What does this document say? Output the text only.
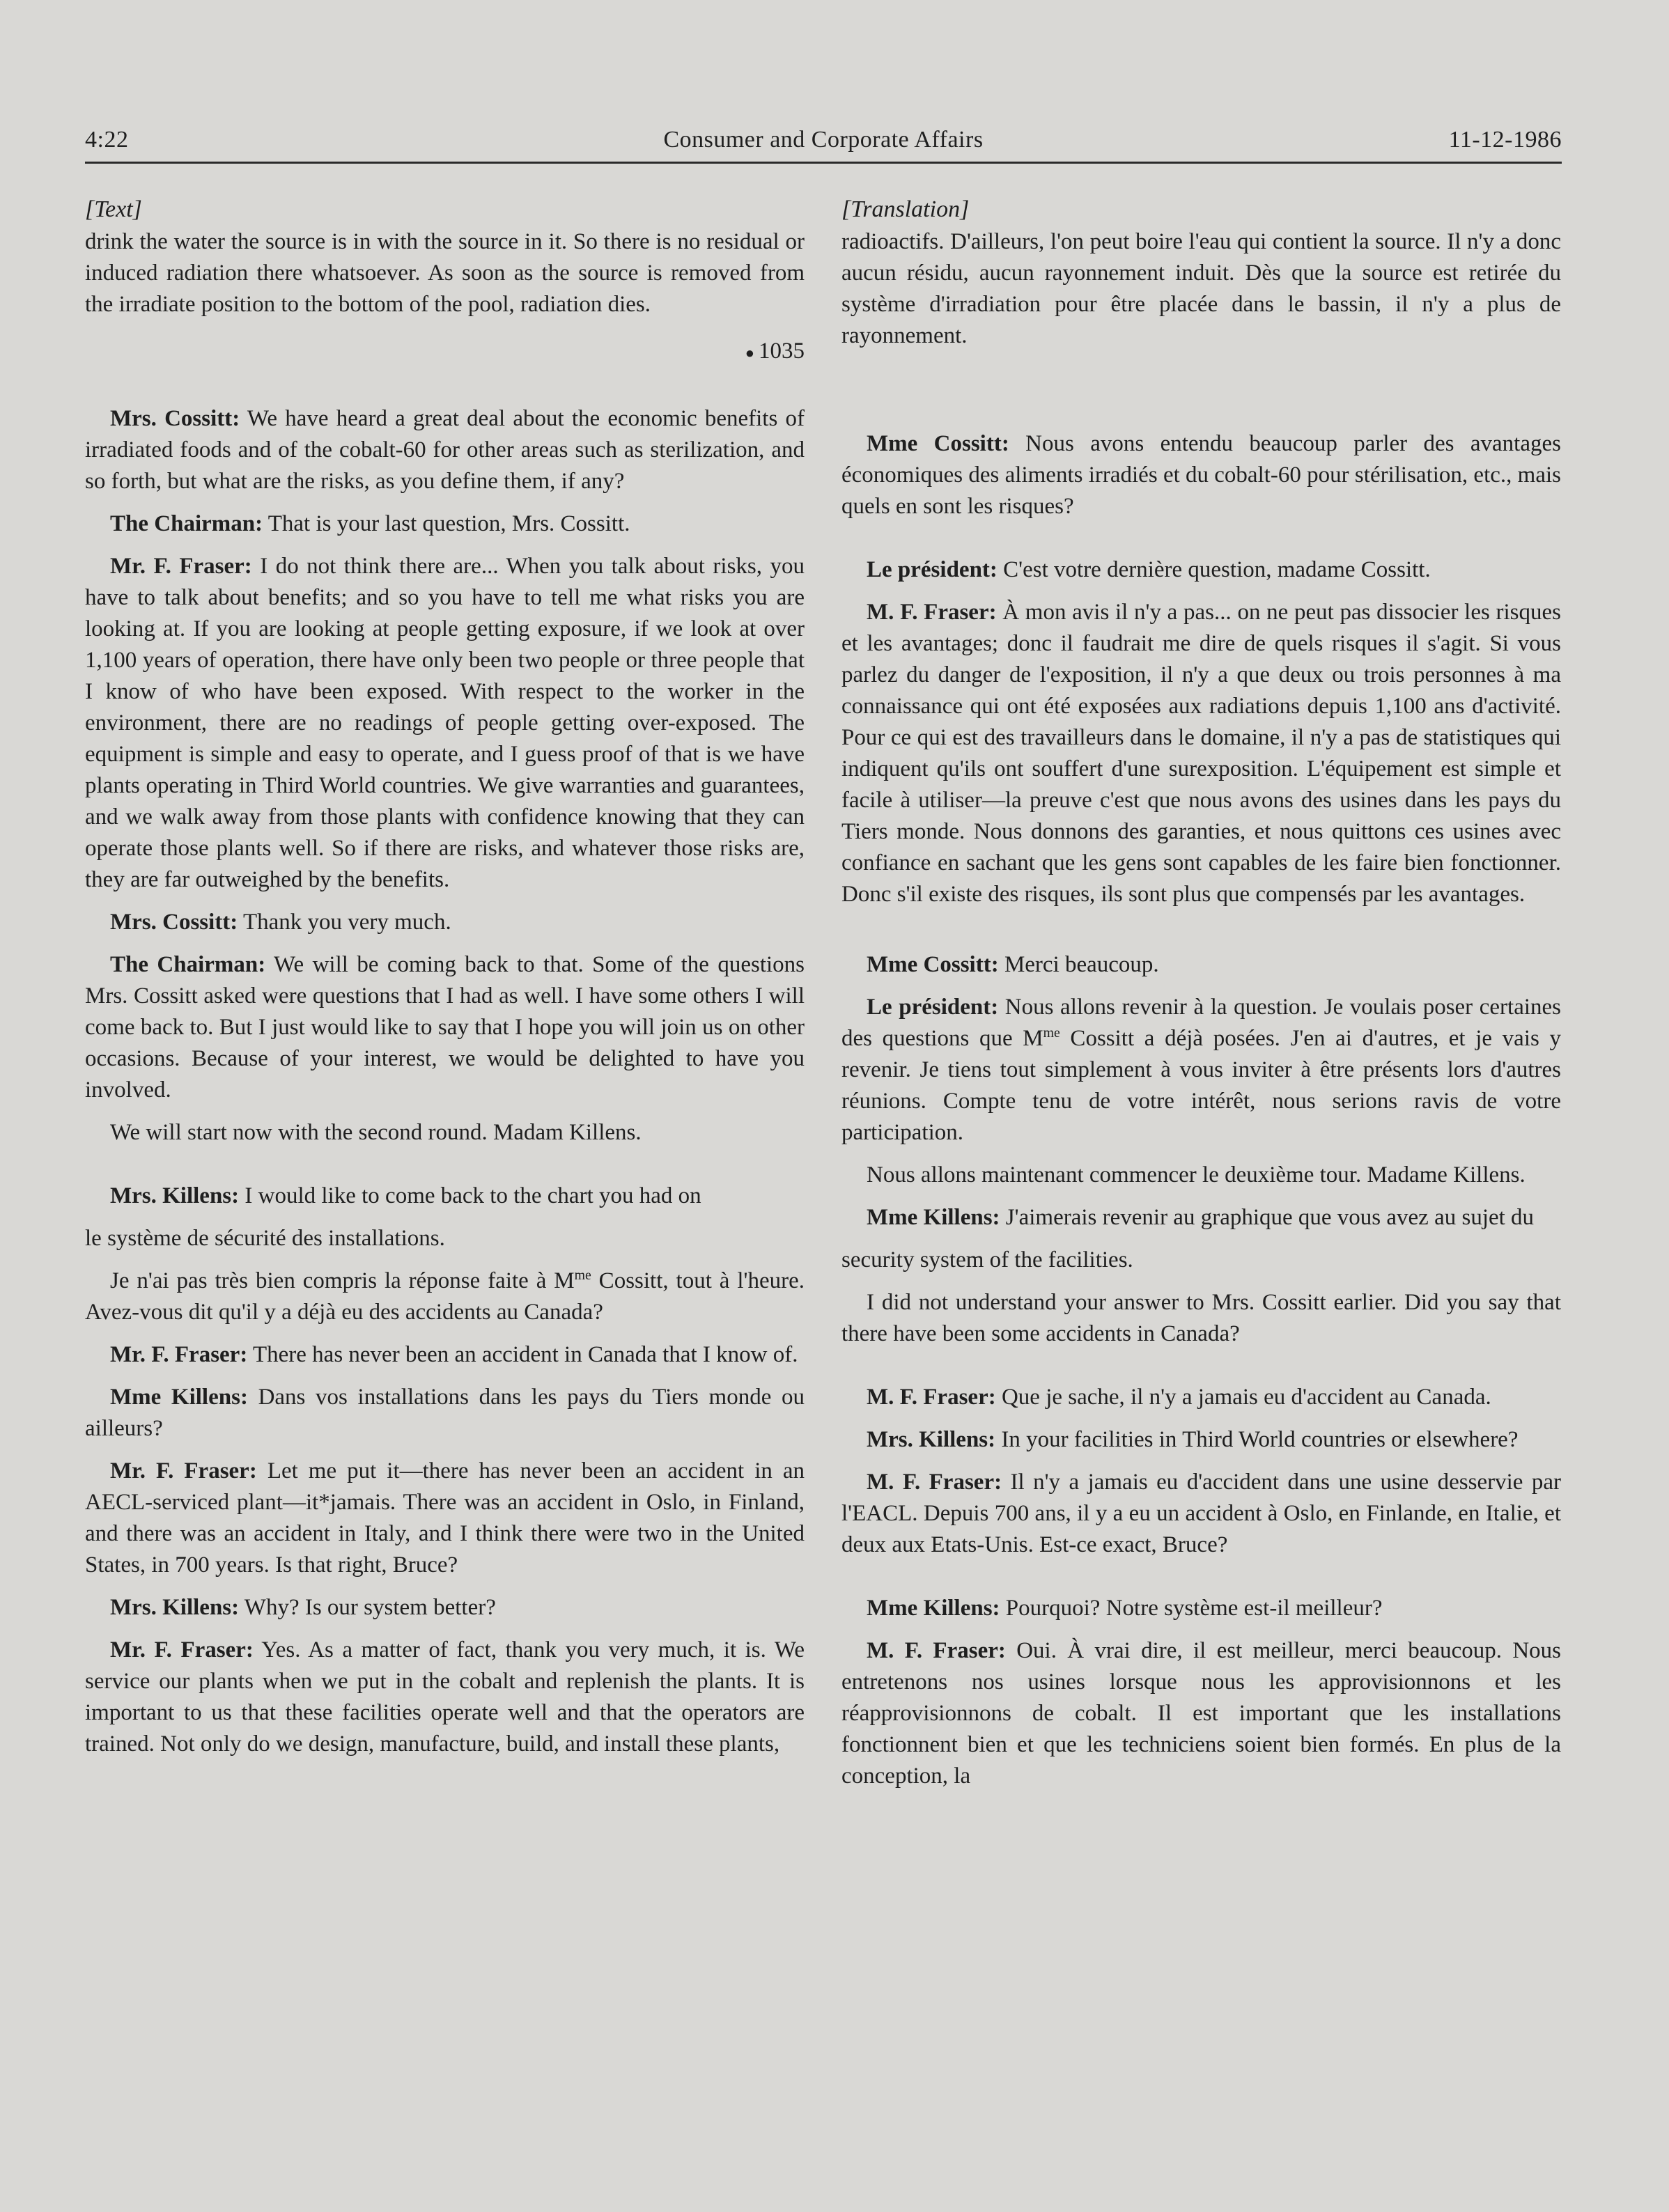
4:22	Consumer and Corporate Affairs	11-12-1986
[Text]

drink the water the source is in with the source in it. So there is no residual or induced radiation there whatsoever. As soon as the source is removed from the irradiate position to the bottom of the pool, radiation dies.

● 1035

Mrs. Cossitt: We have heard a great deal about the economic benefits of irradiated foods and of the cobalt-60 for other areas such as sterilization, and so forth, but what are the risks, as you define them, if any?

The Chairman: That is your last question, Mrs. Cossitt.

Mr. F. Fraser: I do not think there are... When you talk about risks, you have to talk about benefits; and so you have to tell me what risks you are looking at. If you are looking at people getting exposure, if we look at over 1,100 years of operation, there have only been two people or three people that I know of who have been exposed. With respect to the worker in the environment, there are no readings of people getting over-exposed. The equipment is simple and easy to operate, and I guess proof of that is we have plants operating in Third World countries. We give warranties and guarantees, and we walk away from those plants with confidence knowing that they can operate those plants well. So if there are risks, and whatever those risks are, they are far outweighed by the benefits.

Mrs. Cossitt: Thank you very much.

The Chairman: We will be coming back to that. Some of the questions Mrs. Cossitt asked were questions that I had as well. I have some others I will come back to. But I just would like to say that I hope you will join us on other occasions. Because of your interest, we would be delighted to have you involved.

We will start now with the second round. Madam Killens.

Mrs. Killens: I would like to come back to the chart you had on

le système de sécurité des installations.

Je n'ai pas très bien compris la réponse faite à $M^{me}$ Cossitt, tout à l'heure. Avez-vous dit qu'il y a déjà eu des accidents au Canada?

Mr. F. Fraser: There has never been an accident in Canada that I know of.

Mme Killens: Dans vos installations dans les pays du Tiers monde ou ailleurs?

Mr. F. Fraser: Let me put it—there has never been an accident in an AECL-serviced plant—it*jamais. There was an accident in Oslo, in Finland, and there was an accident in Italy, and I think there were two in the United States, in 700 years. Is that right, Bruce?

Mrs. Killens: Why? Is our system better?

Mr. F. Fraser: Yes. As a matter of fact, thank you very much, it is. We service our plants when we put in the cobalt and replenish the plants. It is important to us that these facilities operate well and that the operators are trained. Not only do we design, manufacture, build, and install these plants,

[Translation]

radioactifs. D'ailleurs, l'on peut boire l'eau qui contient la source. Il n'y a donc aucun résidu, aucun rayonnement induit. Dès que la source est retirée du système d'irradiation pour être placée dans le bassin, il n'y a plus de rayonnement.

Mme Cossitt: Nous avons entendu beaucoup parler des avantages économiques des aliments irradiés et du cobalt-60 pour stérilisation, etc., mais quels en sont les risques?

Le président: C'est votre dernière question, madame Cossitt.

M. F. Fraser: À mon avis il n'y a pas... on ne peut pas dissocier les risques et les avantages; donc il faudrait me dire de quels risques il s'agit. Si vous parlez du danger de l'exposition, il n'y a que deux ou trois personnes à ma connaissance qui ont été exposées aux radiations depuis 1,100 ans d'activité. Pour ce qui est des travailleurs dans le domaine, il n'y a pas de statistiques qui indiquent qu'ils ont souffert d'une surexposition. L'équipement est simple et facile à utiliser—la preuve c'est que nous avons des usines dans les pays du Tiers monde. Nous donnons des garanties, et nous quittons ces usines avec confiance en sachant que les gens sont capables de les faire bien fonctionner. Donc s'il existe des risques, ils sont plus que compensés par les avantages.

Mme Cossitt: Merci beaucoup.

Le président: Nous allons revenir à la question. Je voulais poser certaines des questions que $M^{me}$ Cossitt a déjà posées. J'en ai d'autres, et je vais y revenir. Je tiens tout simplement à vous inviter à être présents lors d'autres réunions. Compte tenu de votre intérêt, nous serions ravis de votre participation.

Nous allons maintenant commencer le deuxième tour. Madame Killens.

Mme Killens: J'aimerais revenir au graphique que vous avez au sujet du

security system of the facilities.

I did not understand your answer to Mrs. Cossitt earlier. Did you say that there have been some accidents in Canada?

M. F. Fraser: Que je sache, il n'y a jamais eu d'accident au Canada.

Mrs. Killens: In your facilities in Third World countries or elsewhere?

M. F. Fraser: Il n'y a jamais eu d'accident dans une usine desservie par l'EACL. Depuis 700 ans, il y a eu un accident à Oslo, en Finlande, en Italie, et deux aux Etats-Unis. Est-ce exact, Bruce?

Mme Killens: Pourquoi? Notre système est-il meilleur?

M. F. Fraser: Oui. À vrai dire, il est meilleur, merci beaucoup. Nous entretenons nos usines lorsque nous les approvisionnons et les réapprovisionnons de cobalt. Il est important que les installations fonctionnent bien et que les techniciens soient bien formés. En plus de la conception, la
